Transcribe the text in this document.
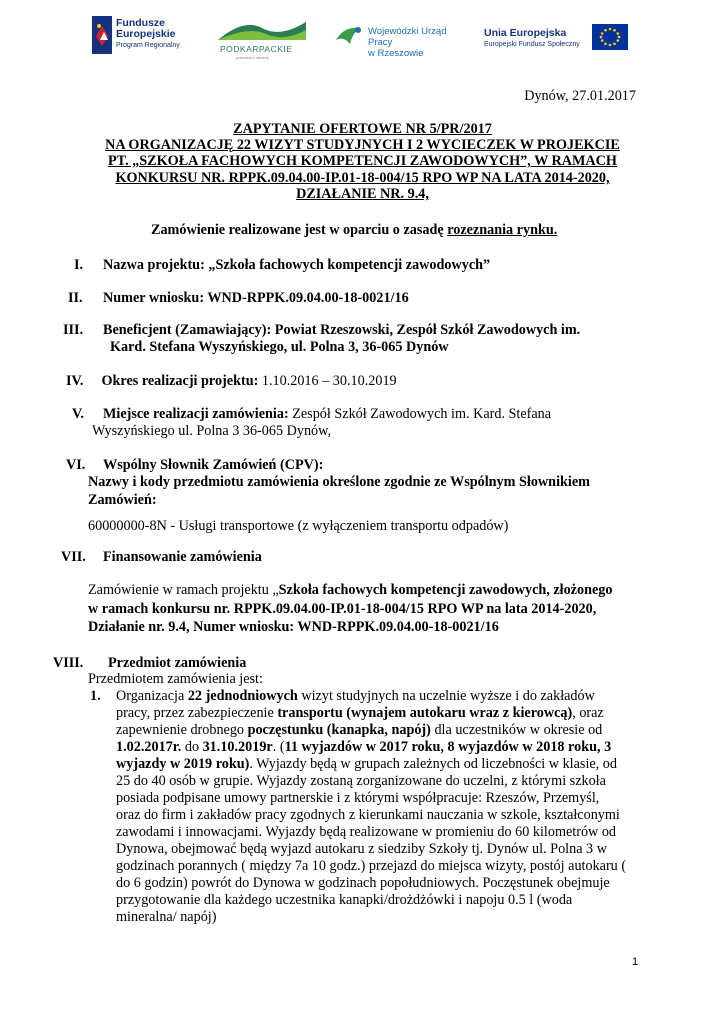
Fundusze
Europejskie
Program Regionalny	PODKARPACKIE
przestrzeń otwarta
Wojewódzki Urząd Pracy
w Rzeszowie
Unia Europejska
Europejski Fundusz Społeczny
Dynów, 27.01.2017
ZAPYTANIE OFERTOWE NR 5/PR/2017
NA ORGANIZACJĘ 22 WIZYT STUDYJNYCH I 2 WYCIECZEK W PROJEKCIE
PT. „SZKOŁA FACHOWYCH KOMPETENCJI ZAWODOWYCH”, W RAMACH
KONKURSU NR. RPPK.09.04.00-IP.01-18-004/15 RPO WP NA LATA 2014-2020,
DZIAŁANIE NR. 9.4,
Zamówienie realizowane jest w oparciu o zasadę rozeznania rynku.
I. Nazwa projektu: „Szkoła fachowych kompetencji zawodowych”
II. Numer wniosku: WND-RPPK.09.04.00-18-0021/16
III. Beneficjent (Zamawiający): Powiat Rzeszowski, Zespół Szkół Zawodowych im.
Kard. Stefana Wyszyńskiego, ul. Polna 3, 36-065 Dynów
IV. Okres realizacji projektu: 1.10.2016 – 30.10.2019
V. Miejsce realizacji zamówienia: Zespół Szkół Zawodowych im. Kard. Stefana
Wyszyńskiego ul. Polna 3 36-065 Dynów,
VI. Wspólny Słownik Zamówień (CPV):
Nazwy i kody przedmiotu zamówienia określone zgodnie ze Wspólnym Słownikiem
Zamówień:
60000000-8N - Usługi transportowe (z wyłączeniem transportu odpadów)
VII. Finansowanie zamówienia
Zamówienie w ramach projektu „Szkoła fachowych kompetencji zawodowych, złożonego
w ramach konkursu nr. RPPK.09.04.00-IP.01-18-004/15 RPO WP na lata 2014-2020,
Działanie nr. 9.4, Numer wniosku: WND-RPPK.09.04.00-18-0021/16
VIII. Przedmiot zamówienia
Przedmiotem zamówienia jest:
1. Organizacja 22 jednodniowych wizyt studyjnych na uczelnie wyższe i do zakładów
pracy, przez zabezpieczenie transportu (wynajem autokaru wraz z kierowcą), oraz
zapewnienie drobnego poczęstunku (kanapka, napój) dla uczestników w okresie od
1.02.2017r. do 31.10.2019r. (11 wyjazdów w 2017 roku, 8 wyjazdów w 2018 roku, 3
wyjazdy w 2019 roku). Wyjazdy będą w grupach zależnych od liczebności w klasie, od
25 do 40 osób w grupie. Wyjazdy zostaną zorganizowane do uczelni, z którymi szkoła
posiada podpisane umowy partnerskie i z którymi współpracuje: Rzeszów, Przemyśl,
oraz do firm i zakładów pracy zgodnych z kierunkami nauczania w szkole, kształconymi
zawodami i innowacjami. Wyjazdy będą realizowane w promieniu do 60 kilometrów od
Dynowa, obejmować będą wyjazd autokaru z siedziby Szkoły tj. Dynów ul. Polna 3 w
godzinach porannych ( między 7a 10 godz.) przejazd do miejsca wizyty, postój autokaru (
do 6 godzin) powrót do Dynowa w godzinach popołudniowych. Poczęstunek obejmuje
przygotowanie dla każdego uczestnika kanapki/drożdżówki i napoju 0.5 l (woda
mineralna/ napój)
1
